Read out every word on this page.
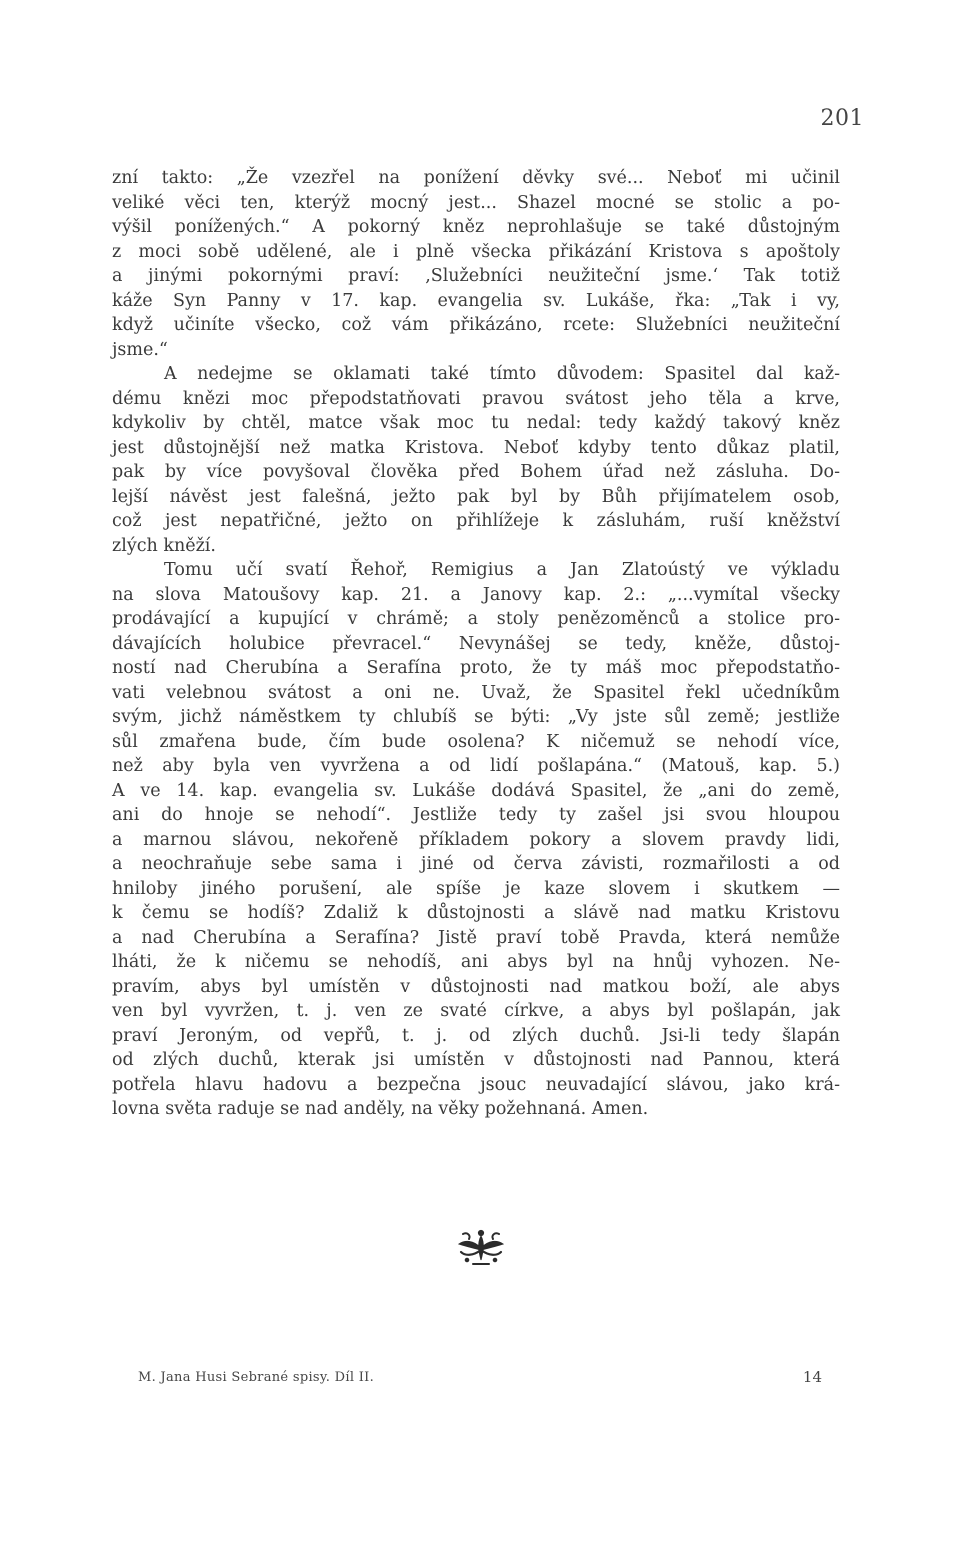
201
zní takto: „Že vzezřel na ponížení děvky své... Neboť mi učinil
veliké věci ten, kterýž mocný jest... Shazel mocné se stolic a po-
výšil ponížených.“ A pokorný kněz neprohlašuje se také důstojným
z moci sobě udělené, ale i plně všecka přikázání Kristova s apoštoly
a jinými pokornými praví: ‚Služebníci neužiteční jsme.‘ Tak totiž
káže Syn Panny v 17. kap. evangelia sv. Lukáše, řka: „Tak i vy,
když učiníte všecko, což vám přikázáno, rcete: Služebníci neužiteční
jsme.“
A nedejme se oklamati také tímto důvodem: Spasitel dal kaž-
dému knězi moc přepodstatňovati pravou svátost jeho těla a krve,
kdykoliv by chtěl, matce však moc tu nedal: tedy každý takový kněz
jest důstojnější než matka Kristova. Neboť kdyby tento důkaz platil,
pak by více povyšoval člověka před Bohem úřad než zásluha. Do-
lejší návěst jest falešná, ježto pak byl by Bůh přijímatelem osob,
což jest nepatřičné, ježto on přihlížeje k zásluhám, ruší kněžství
zlých kněží.
Tomu učí svatí Řehoř, Remigius a Jan Zlatoústý ve výkladu
na slova Matoušovy kap. 21. a Janovy kap. 2.: „...vymítal všecky
prodávající a kupující v chrámě; a stoly penězoměnců a stolice pro-
dávajících holubice převracel.“ Nevynášej se tedy, kněže, důstoj-
ností nad Cherubína a Serafína proto, že ty máš moc přepodstatňo-
vati velebnou svátost a oni ne. Uvaž, že Spasitel řekl učedníkům
svým, jichž náměstkem ty chlubíš se býti: „Vy jste sůl země; jestliže
sůl zmařena bude, čím bude osolena? K ničemuž se nehodí více,
než aby byla ven vyvržena a od lidí pošlapána.“ (Matouš, kap. 5.)
A ve 14. kap. evangelia sv. Lukáše dodává Spasitel, že „ani do země,
ani do hnoje se nehodí“. Jestliže tedy ty zašel jsi svou hloupou
a marnou slávou, nekořeně příkladem pokory a slovem pravdy lidi,
a neochraňuje sebe sama i jiné od červa závisti, rozmařilosti a od
hniloby jiného porušení, ale spíše je kaze slovem i skutkem —
k čemu se hodíš? Zdaliž k důstojnosti a slávě nad matku Kristovu
a nad Cherubína a Serafína? Jistě praví tobě Pravda, která nemůže
lháti, že k ničemu se nehodíš, ani abys byl na hnůj vyhozen. Ne-
pravím, abys byl umístěn v důstojnosti nad matkou boží, ale abys
ven byl vyvržen, t. j. ven ze svaté církve, a abys byl pošlapán, jak
praví Jeroným, od vepřů, t. j. od zlých duchů. Jsi-li tedy šlapán
od zlých duchů, kterak jsi umístěn v důstojnosti nad Pannou, která
potřela hlavu hadovu a bezpečna jsouc neuvadající slávou, jako krá-
lovna světa raduje se nad anděly, na věky požehnaná. Amen.
M. Jana Husi Sebrané spisy. Díl II.	14
